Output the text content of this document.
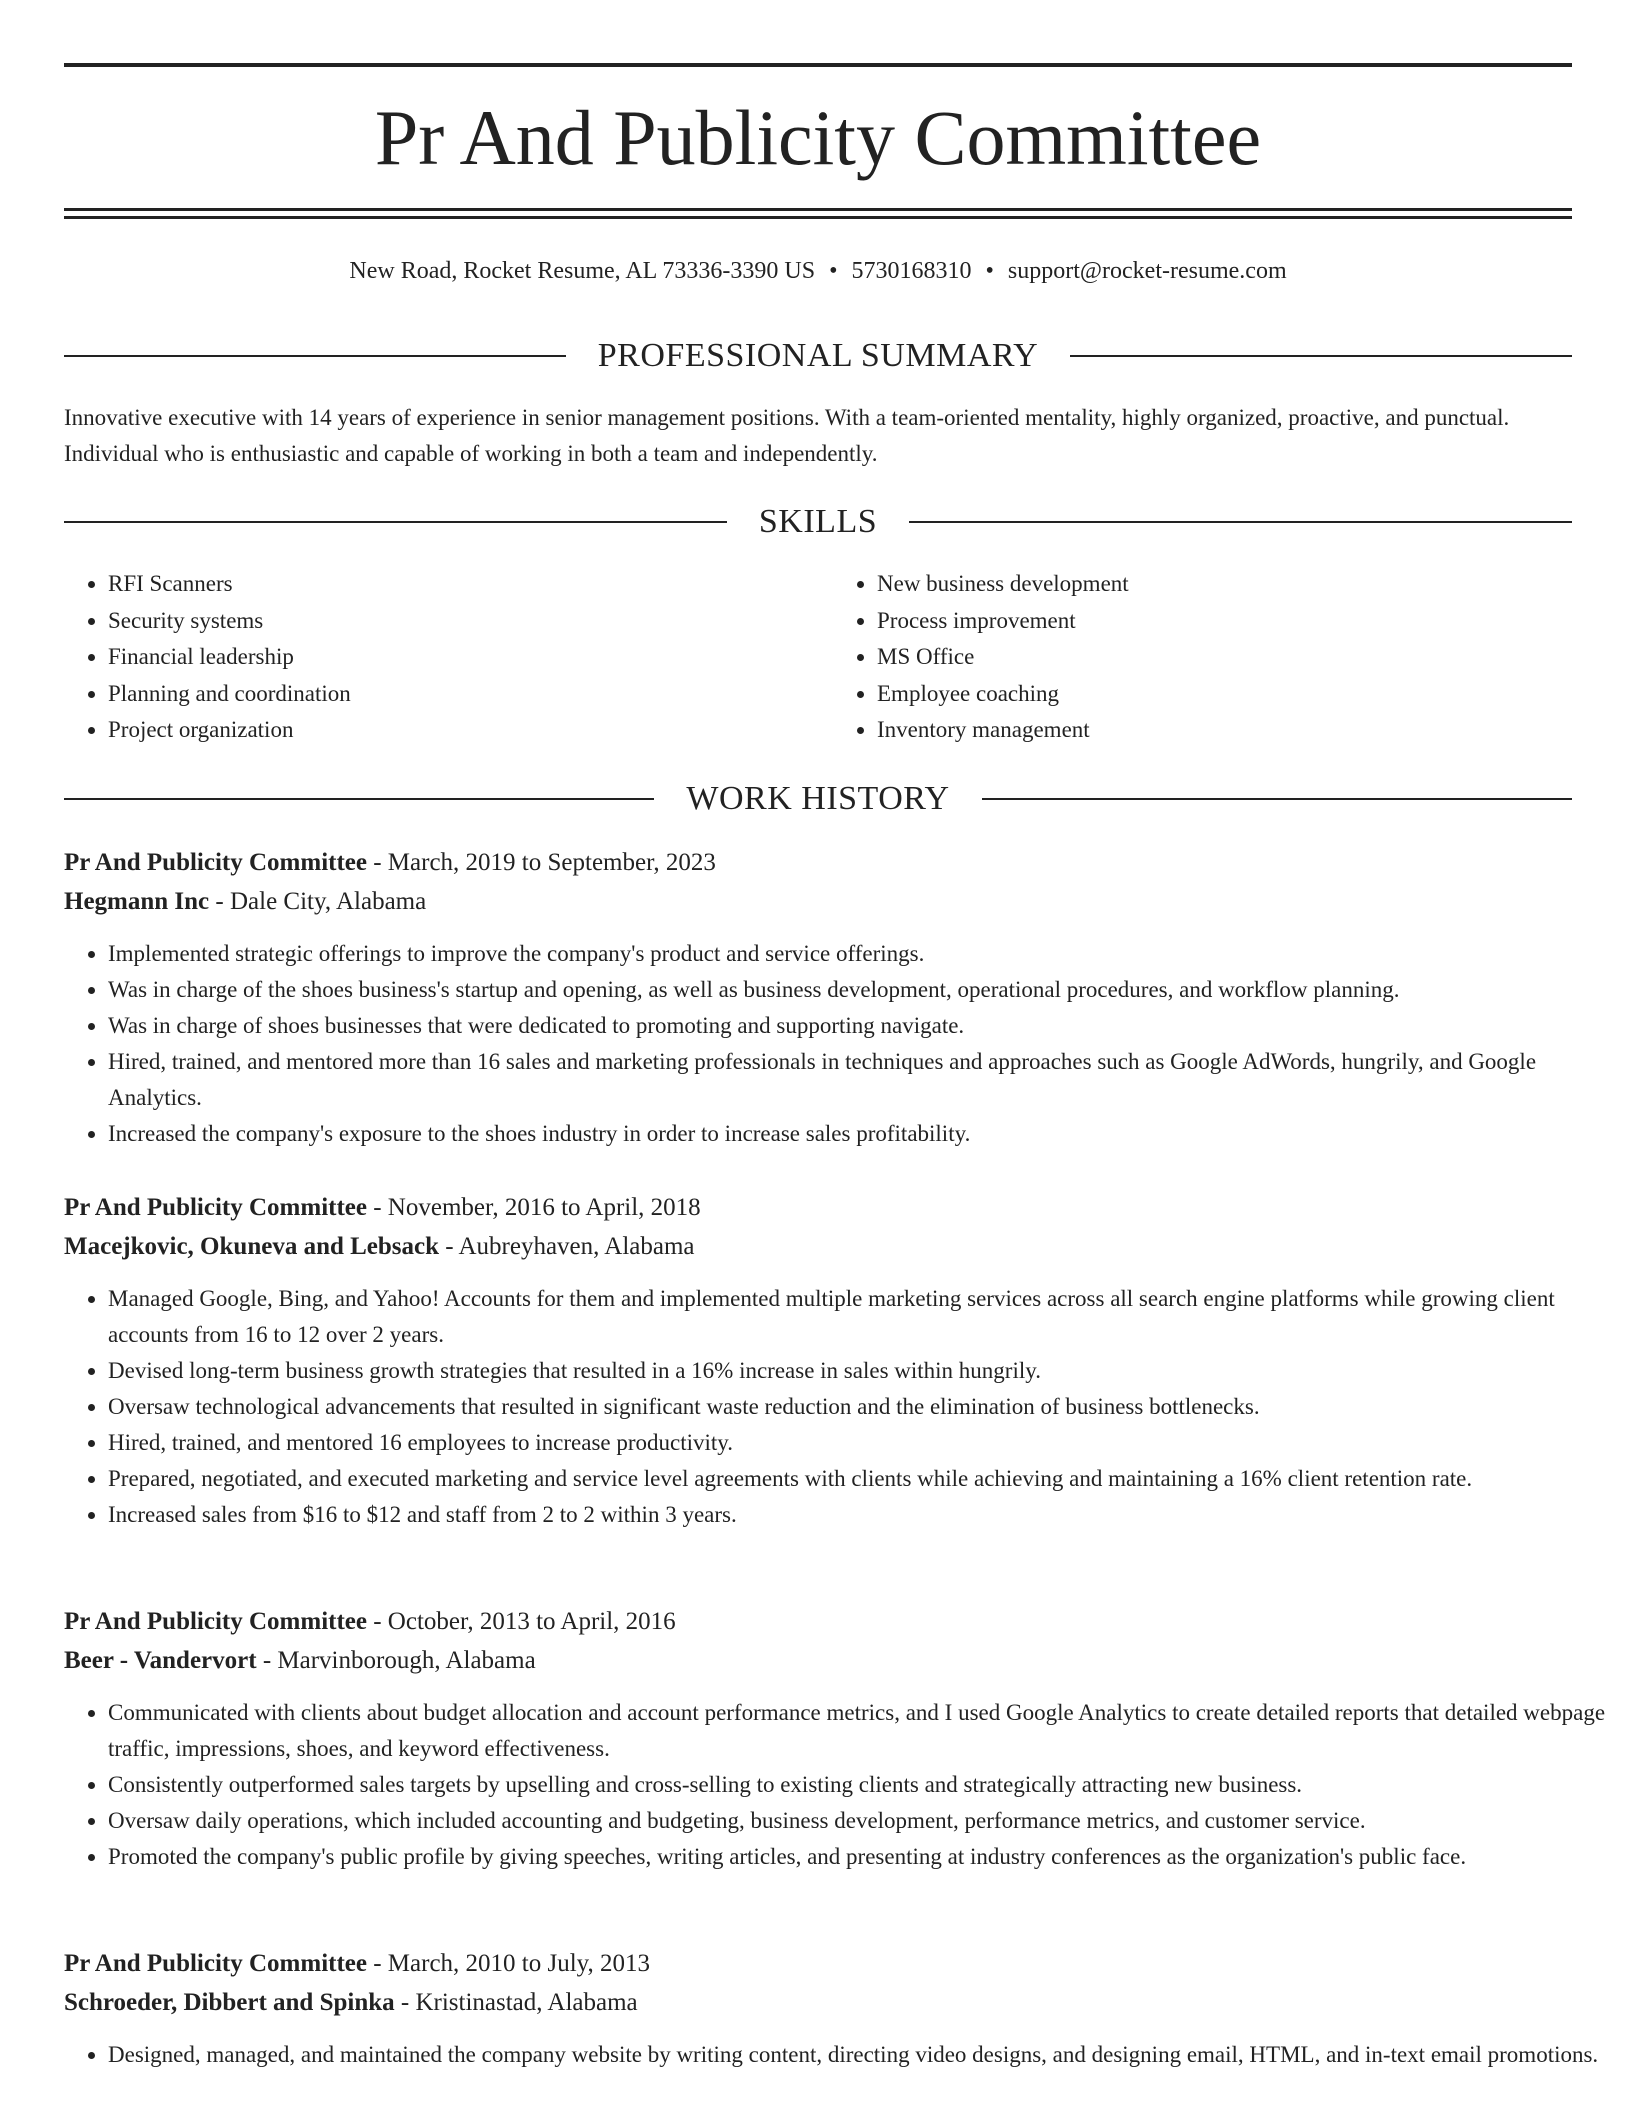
Pr And Publicity Committee
New Road, Rocket Resume, AL 73336-3390 US • 5730168310 • support@rocket-resume.com
PROFESSIONAL SUMMARY
Innovative executive with 14 years of experience in senior management positions. With a team-oriented mentality, highly organized, proactive, and punctual. Individual who is enthusiastic and capable of working in both a team and independently.
SKILLS
• RFI Scanners
• Security systems
• Financial leadership
• Planning and coordination
• Project organization
• New business development
• Process improvement
• MS Office
• Employee coaching
• Inventory management
WORK HISTORY
Pr And Publicity Committee - March, 2019 to September, 2023
Hegmann Inc - Dale City, Alabama
• Implemented strategic offerings to improve the company's product and service offerings.
• Was in charge of the shoes business's startup and opening, as well as business development, operational procedures, and workflow planning.
• Was in charge of shoes businesses that were dedicated to promoting and supporting navigate.
• Hired, trained, and mentored more than 16 sales and marketing professionals in techniques and approaches such as Google AdWords, hungrily, and Google Analytics.
• Increased the company's exposure to the shoes industry in order to increase sales profitability.
Pr And Publicity Committee - November, 2016 to April, 2018
Macejkovic, Okuneva and Lebsack - Aubreyhaven, Alabama
• Managed Google, Bing, and Yahoo! Accounts for them and implemented multiple marketing services across all search engine platforms while growing client accounts from 16 to 12 over 2 years.
• Devised long-term business growth strategies that resulted in a 16% increase in sales within hungrily.
• Oversaw technological advancements that resulted in significant waste reduction and the elimination of business bottlenecks.
• Hired, trained, and mentored 16 employees to increase productivity.
• Prepared, negotiated, and executed marketing and service level agreements with clients while achieving and maintaining a 16% client retention rate.
• Increased sales from $16 to $12 and staff from 2 to 2 within 3 years.
Pr And Publicity Committee - October, 2013 to April, 2016
Beer - Vandervort - Marvinborough, Alabama
• Communicated with clients about budget allocation and account performance metrics, and I used Google Analytics to create detailed reports that detailed webpage traffic, impressions, shoes, and keyword effectiveness.
• Consistently outperformed sales targets by upselling and cross-selling to existing clients and strategically attracting new business.
• Oversaw daily operations, which included accounting and budgeting, business development, performance metrics, and customer service.
• Promoted the company's public profile by giving speeches, writing articles, and presenting at industry conferences as the organization's public face.
Pr And Publicity Committee - March, 2010 to July, 2013
Schroeder, Dibbert and Spinka - Kristinastad, Alabama
• Designed, managed, and maintained the company website by writing content, directing video designs, and designing email, HTML, and in-text email promotions.
